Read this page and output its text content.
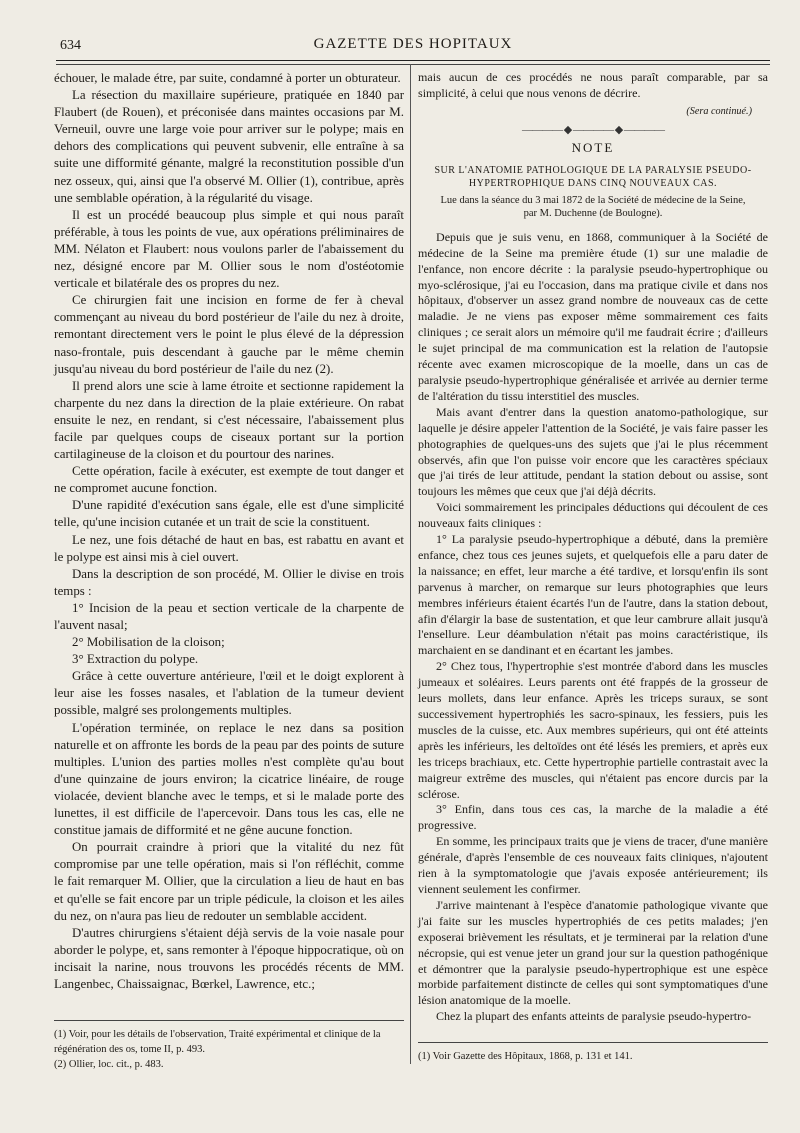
634	GAZETTE DES HOPITAUX

échouer, le malade étre, par suite, condamné à porter un obturateur.

La résection du maxillaire supérieure, pratiquée en 1840 par Flaubert (de Rouen), et préconisée dans maintes occasions par M. Verneuil, ouvre une large voie pour arriver sur le polype; mais en dehors des complications qui peuvent subvenir, elle entraîne à sa suite une difformité génante, malgré la reconstitution possible d'un nez osseux, qui, ainsi que l'a observé M. Ollier (1), contribue, après une semblable opération, à la régularité du visage.

Il est un procédé beaucoup plus simple et qui nous paraît préférable, à tous les points de vue, aux opérations préliminaires de MM. Nélaton et Flaubert: nous voulons parler de l'abaissement du nez, désigné encore par M. Ollier sous le nom d'ostéotomie verticale et bilatérale des os propres du nez.

Ce chirurgien fait une incision en forme de fer à cheval commençant au niveau du bord postérieur de l'aile du nez à droite, remontant directement vers le point le plus élevé de la dépression naso-frontale, puis descendant à gauche par le même chemin jusqu'au niveau du bord postérieur de l'aile du nez (2).

Il prend alors une scie à lame étroite et sectionne rapidement la charpente du nez dans la direction de la plaie extérieure. On rabat ensuite le nez, en rendant, si c'est nécessaire, l'abaissement plus facile par quelques coups de ciseaux portant sur la portion cartilagineuse de la cloison et du pourtour des narines.

Cette opération, facile à exécuter, est exempte de tout danger et ne compromet aucune fonction.

D'une rapidité d'exécution sans égale, elle est d'une simplicité telle, qu'une incision cutanée et un trait de scie la constituent.

Le nez, une fois détaché de haut en bas, est rabattu en avant et le polype est ainsi mis à ciel ouvert.

Dans la description de son procédé, M. Ollier le divise en trois temps :

1° Incision de la peau et section verticale de la charpente de l'auvent nasal;

2° Mobilisation de la cloison;

3° Extraction du polype.

Grâce à cette ouverture antérieure, l'œil et le doigt explorent à leur aise les fosses nasales, et l'ablation de la tumeur devient possible, malgré ses prolongements multiples.

L'opération terminée, on replace le nez dans sa position naturelle et on affronte les bords de la peau par des points de suture multiples. L'union des parties molles n'est complète qu'au bout d'une quinzaine de jours environ; la cicatrice linéaire, de rouge violacée, devient blanche avec le temps, et si le malade porte des lunettes, il est difficile de l'apercevoir. Dans tous les cas, elle ne constitue jamais de difformité et ne gêne aucune fonction.

On pourrait craindre à priori que la vitalité du nez fût compromise par une telle opération, mais si l'on réfléchit, comme le fait remarquer M. Ollier, que la circulation a lieu de haut en bas et qu'elle se fait encore par un triple pédicule, la cloison et les ailes du nez, on n'aura pas lieu de redouter un semblable accident.

D'autres chirurgiens s'étaient déjà servis de la voie nasale pour aborder le polype, et, sans remonter à l'époque hippocratique, où on incisait la narine, nous trouvons les procédés récents de MM. Langenbec, Chaissaignac, Bœrkel, Lawrence, etc.;

(1) Voir, pour les détails de l'observation, Traité expérimental et clinique de la régénération des os, tome II, p. 493.

(2) Ollier, loc. cit., p. 483.

mais aucun de ces procédés ne nous paraît comparable, par sa simplicité, à celui que nous venons de décrire.

(Sera continué.)

———— ◆ ———— ◆ ————
NOTE
SUR L'ANATOMIE PATHOLOGIQUE DE LA PARALYSIE PSEUDO-HYPERTROPHIQUE DANS CINQ NOUVEAUX CAS.
Lue dans la séance du 3 mai 1872 de la Société de médecine de la Seine, par M. Duchenne (de Boulogne).

Depuis que je suis venu, en 1868, communiquer à la Société de médecine de la Seine ma première étude (1) sur une maladie de l'enfance, non encore décrite : la paralysie pseudo-hypertrophique ou myo-sclérosique, j'ai eu l'occasion, dans ma pratique civile et dans nos hôpitaux, d'observer un assez grand nombre de nouveaux cas de cette maladie. Je ne viens pas exposer même sommairement ces faits cliniques ; ce serait alors un mémoire qu'il me faudrait écrire ; d'ailleurs le sujet principal de ma communication est la relation de l'autopsie récente avec examen microscopique de la moelle, dans un cas de paralysie pseudo-hypertrophique généralisée et arrivée au dernier terme de l'altération du tissu interstitiel des muscles.

Mais avant d'entrer dans la question anatomo-pathologique, sur laquelle je désire appeler l'attention de la Société, je vais faire passer les photographies de quelques-uns des sujets que j'ai le plus récemment observés, afin que l'on puisse voir encore que les caractères spéciaux que j'ai tirés de leur attitude, pendant la station debout ou assise, sont toujours les mêmes que ceux que j'ai déjà décrits.

Voici sommairement les principales déductions qui découlent de ces nouveaux faits cliniques :

1° La paralysie pseudo-hypertrophique a débuté, dans la première enfance, chez tous ces jeunes sujets, et quelquefois elle a paru dater de la naissance; en effet, leur marche a été tardive, et lorsqu'enfin ils sont parvenus à marcher, on remarque sur leurs photographies que leurs membres inférieurs étaient écartés l'un de l'autre, dans la station debout, afin d'élargir la base de sustentation, et que leur cambrure allait jusqu'à l'ensellure. Leur déambulation n'était pas moins caractéristique, ils marchaient en se dandinant et en écartant les jambes.

2° Chez tous, l'hypertrophie s'est montrée d'abord dans les muscles jumeaux et soléaires. Leurs parents ont été frappés de la grosseur de leurs mollets, dans leur enfance. Après les triceps suraux, se sont successivement hypertrophiés les sacro-spinaux, les fessiers, puis les muscles de la cuisse, etc. Aux membres supérieurs, qui ont été atteints après les inférieurs, les deltoïdes ont été lésés les premiers, et après eux les triceps brachiaux, etc. Cette hypertrophie partielle contrastait avec la maigreur extrême des muscles, qui n'étaient pas encore durcis par la sclérose.

3° Enfin, dans tous ces cas, la marche de la maladie a été progressive.

En somme, les principaux traits que je viens de tracer, d'une manière générale, d'après l'ensemble de ces nouveaux faits cliniques, n'ajoutent rien à la symptomatologie que j'avais exposée antérieurement; ils viennent seulement les confirmer.

J'arrive maintenant à l'espèce d'anatomie pathologique vivante que j'ai faite sur les muscles hypertrophiés de ces petits malades; j'en exposerai brièvement les résultats, et je terminerai par la relation d'une nécropsie, qui est venue jeter un grand jour sur la question pathogénique et démontrer que la paralysie pseudo-hypertrophique est une espèce morbide parfaitement distincte de celles qui sont symptomatiques d'une lésion anatomique de la moelle.

Chez la plupart des enfants atteints de paralysie pseudo-hypertro-

(1) Voir Gazette des Hôpitaux, 1868, p. 131 et 141.
